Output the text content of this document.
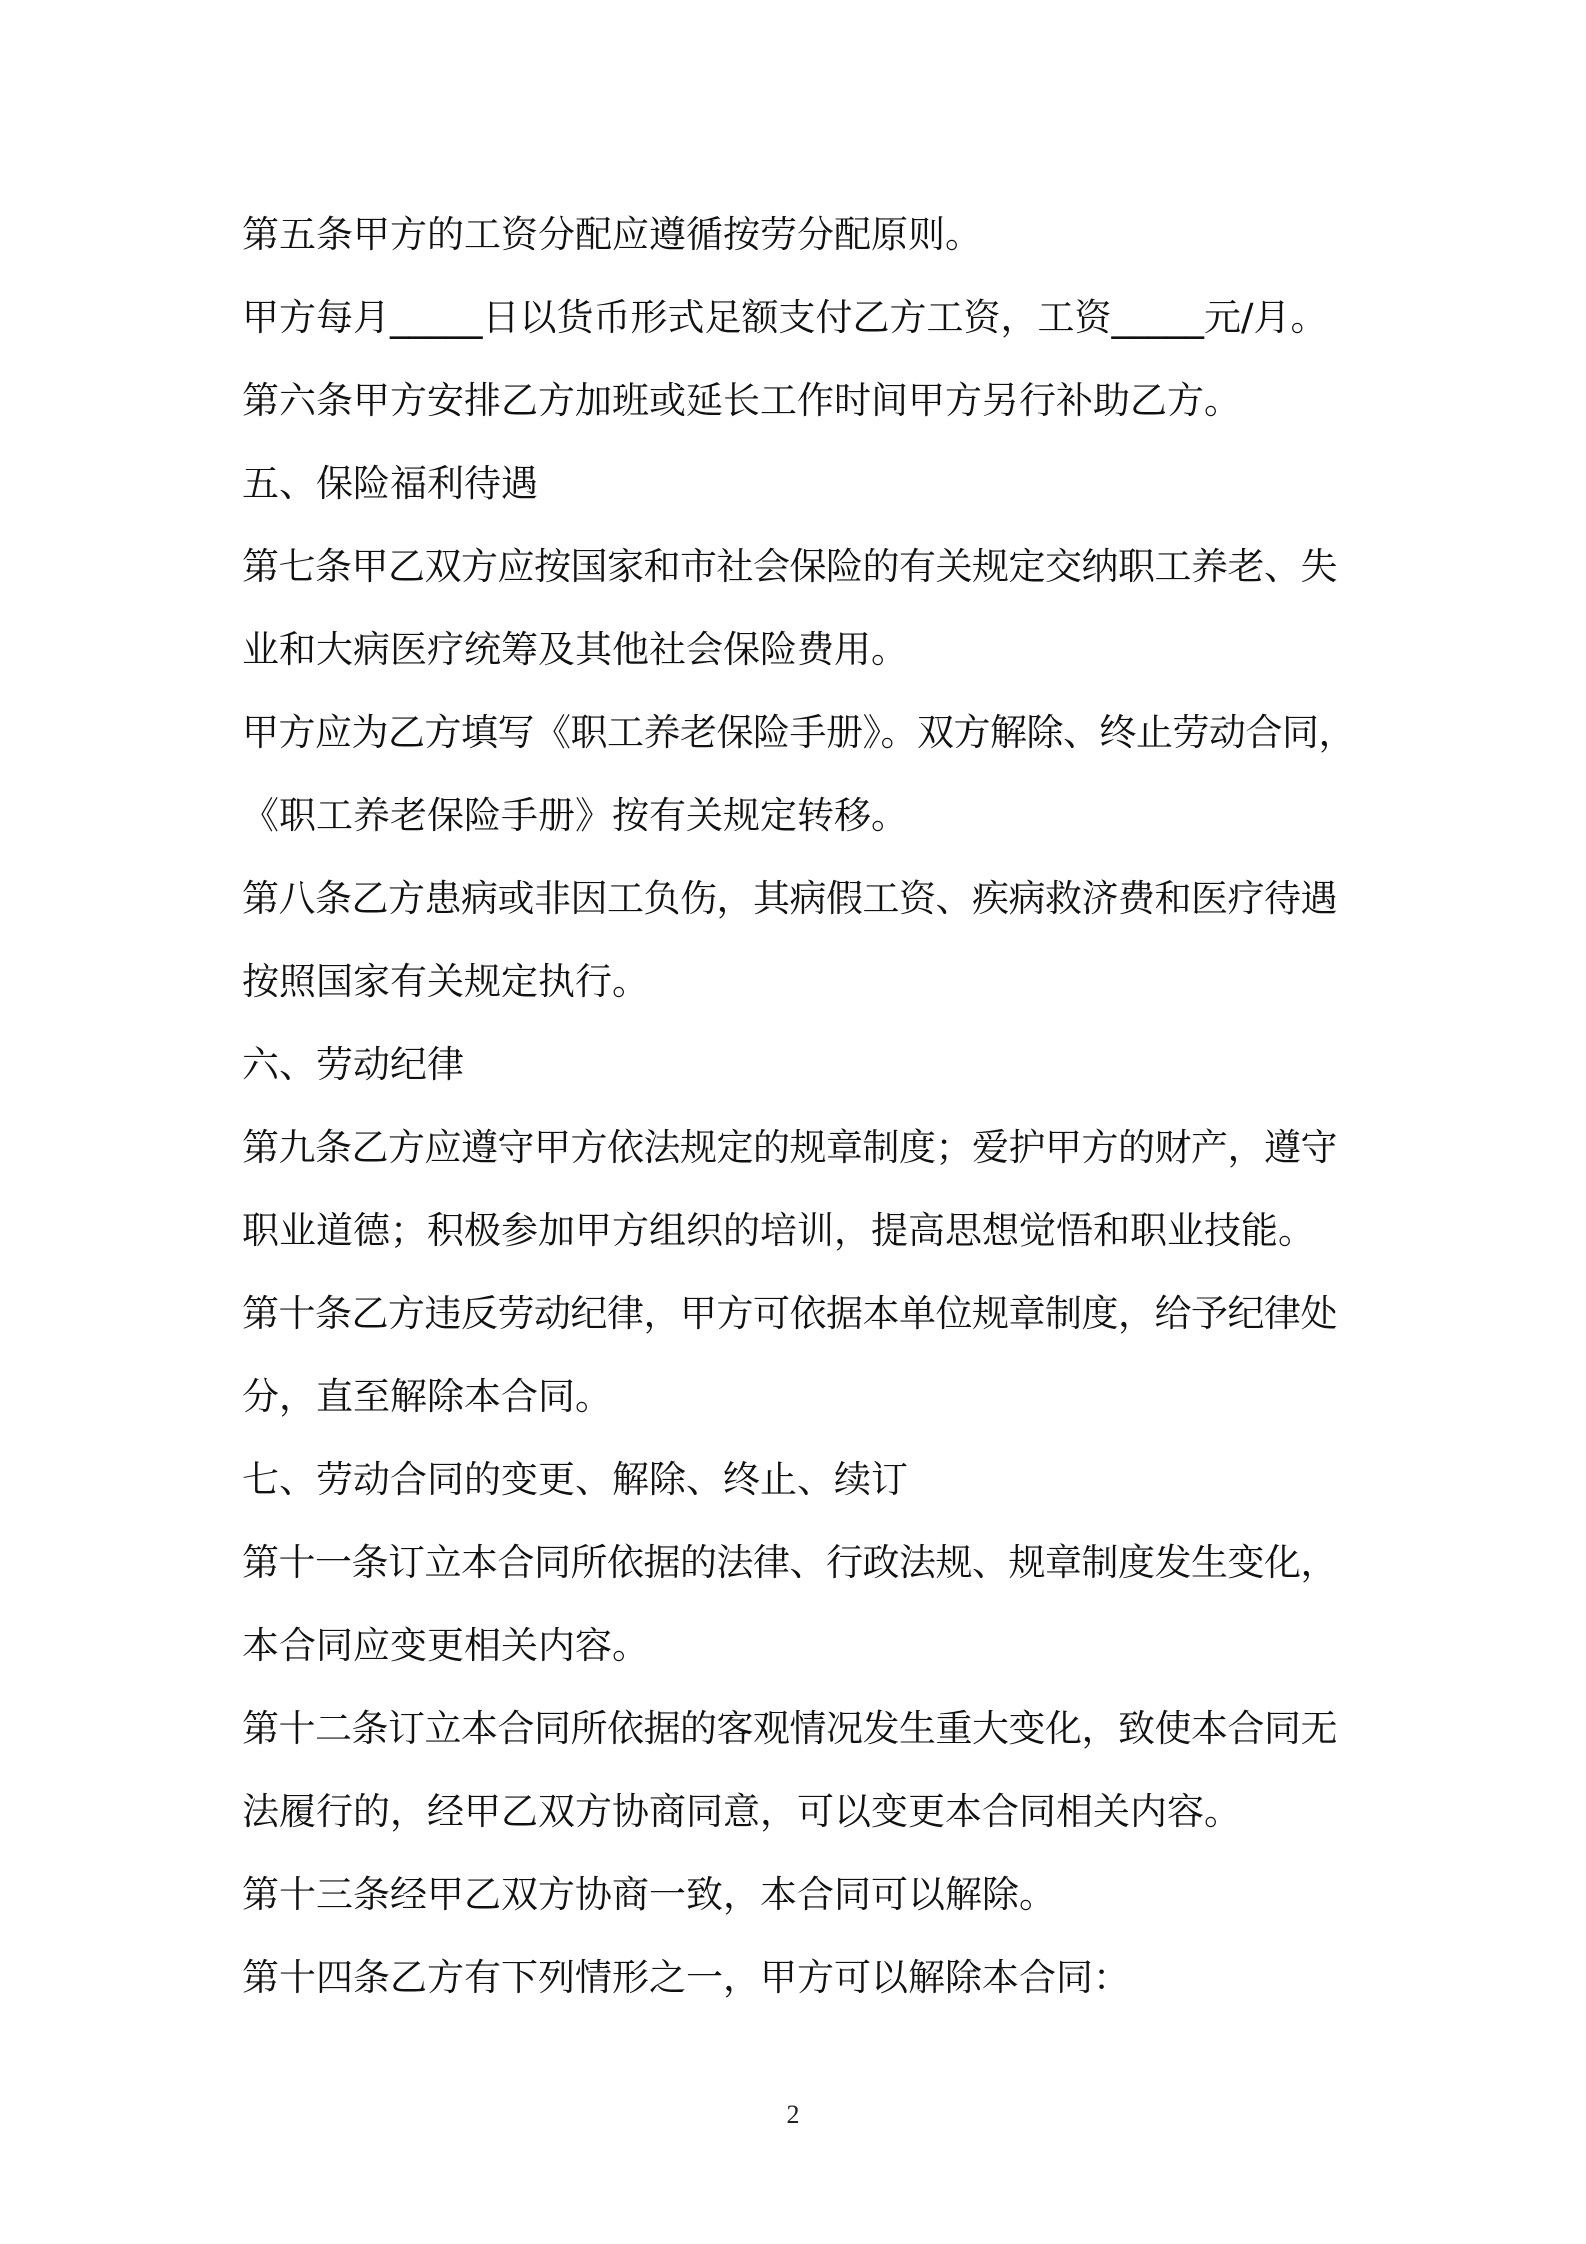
第五条甲方的工资分配应遵循按劳分配原则。
甲方每月_____日以货币形式足额支付乙方工资，工资_____元/月。
第六条甲方安排乙方加班或延长工作时间甲方另行补助乙方。
五、保险福利待遇
第七条甲乙双方应按国家和市社会保险的有关规定交纳职工养老、失
业和大病医疗统筹及其他社会保险费用。
甲方应为乙方填写《职工养老保险手册》。双方解除、终止劳动合同，
《职工养老保险手册》按有关规定转移。
第八条乙方患病或非因工负伤，其病假工资、疾病救济费和医疗待遇
按照国家有关规定执行。
六、劳动纪律
第九条乙方应遵守甲方依法规定的规章制度；爱护甲方的财产，遵守
职业道德；积极参加甲方组织的培训，提高思想觉悟和职业技能。
第十条乙方违反劳动纪律，甲方可依据本单位规章制度，给予纪律处
分，直至解除本合同。
七、劳动合同的变更、解除、终止、续订
第十一条订立本合同所依据的法律、行政法规、规章制度发生变化，
本合同应变更相关内容。
第十二条订立本合同所依据的客观情况发生重大变化，致使本合同无
法履行的，经甲乙双方协商同意，可以变更本合同相关内容。
第十三条经甲乙双方协商一致，本合同可以解除。
第十四条乙方有下列情形之一，甲方可以解除本合同：
2
